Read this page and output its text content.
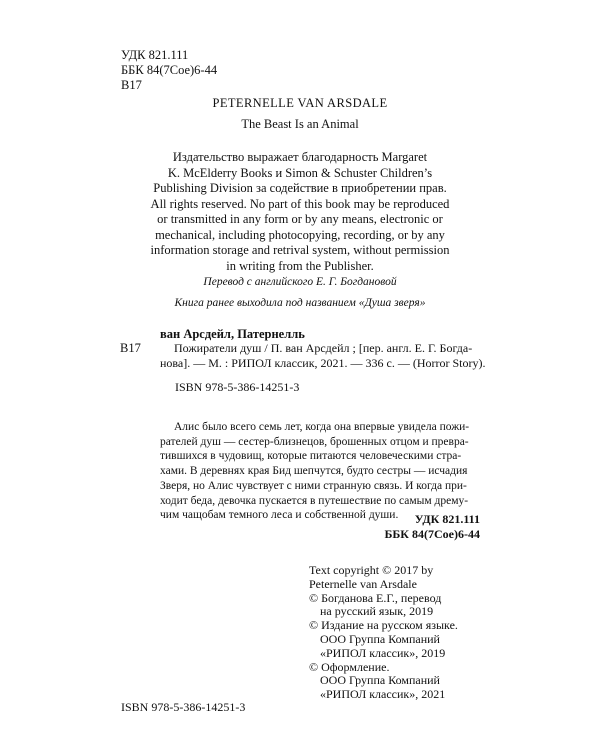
УДК 821.111
ББК 84(7Сое)6-44
В17
PETERNELLE VAN ARSDALE
The Beast Is an Animal
Издательство выражает благодарность Margaret
K. McElderry Books и Simon & Schuster Children’s
Publishing Division за содействие в приобретении прав.
All rights reserved. No part of this book may be reproduced
or transmitted in any form or by any means, electronic or
mechanical, including photocopying, recording, or by any
information storage and retrival system, without permission
in writing from the Publisher.
Перевод с английского Е. Г. Богдановой
Книга ранее выходила под названием «Душа зверя»
ван Арсдейл, Патернелль
В17	Пожиратели душ / П. ван Арсдейл ; [пер. англ. Е. Г. Богда-
нова]. — М. : РИПОЛ классик, 2021. — 336 с. — (Horror Story).
ISBN 978-5-386-14251-3
Алис было всего семь лет, когда она впервые увидела пожи-
рателей душ — сестер-близнецов, брошенных отцом и превра-
тившихся в чудовищ, которые питаются человеческими стра-
хами. В деревнях края Бид шепчутся, будто сестры — исчадия
Зверя, но Алис чувствует с ними странную связь. И когда при-
ходит беда, девочка пускается в путешествие по самым дрему-
чим чащобам темного леса и собственной души.	УДК 821.111
ББК 84(7Сое)6-44
Text copyright © 2017 by
Peternelle van Arsdale
© Богданова Е.Г., перевод
на русский язык, 2019
© Издание на русском языке.
ООО Группа Компаний
«РИПОЛ классик», 2019
© Оформление.
ООО Группа Компаний
«РИПОЛ классик», 2021
ISBN 978-5-386-14251-3
